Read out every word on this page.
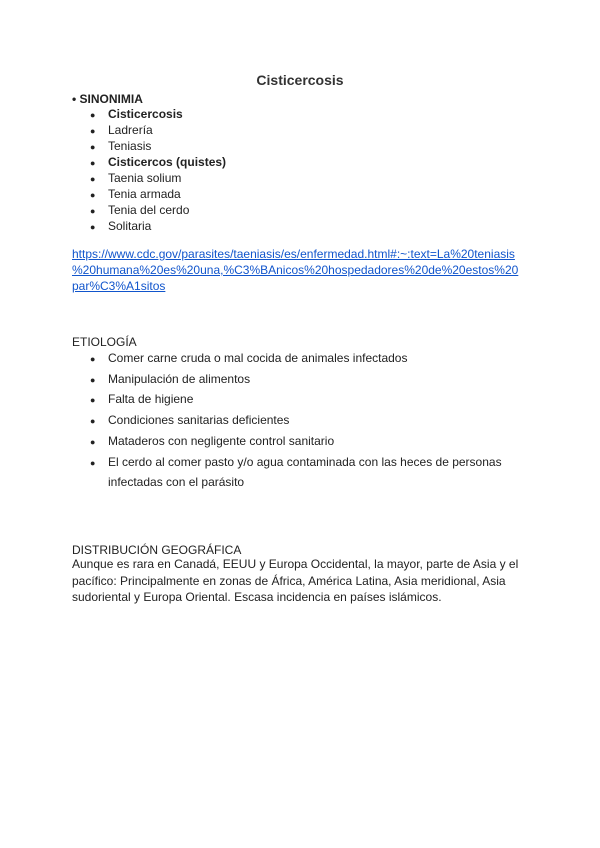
Cisticercosis
• SINONIMIA
● Cisticercosis
● Ladrería
● Teniasis
● Cisticercos (quistes)
● Taenia solium
● Tenia armada
● Tenia del cerdo
● Solitaria
https://www.cdc.gov/parasites/taeniasis/es/enfermedad.html#:~:text=La%20teniasis
%20humana%20es%20una,%C3%BAnicos%20hospedadores%20de%20estos%20
par%C3%A1sitos
ETIOLOGÍA
● Comer carne cruda o mal cocida de animales infectados
● Manipulación de alimentos
● Falta de higiene
● Condiciones sanitarias deficientes
● Mataderos con negligente control sanitario
● El cerdo al comer pasto y/o agua contaminada con las heces de personas
infectadas con el parásito
DISTRIBUCIÓN GEOGRÁFICA
Aunque es rara en Canadá, EEUU y Europa Occidental, la mayor, parte de Asia y el
pacífico: Principalmente en zonas de África, América Latina, Asia meridional, Asia
sudoriental y Europa Oriental. Escasa incidencia en países islámicos.
